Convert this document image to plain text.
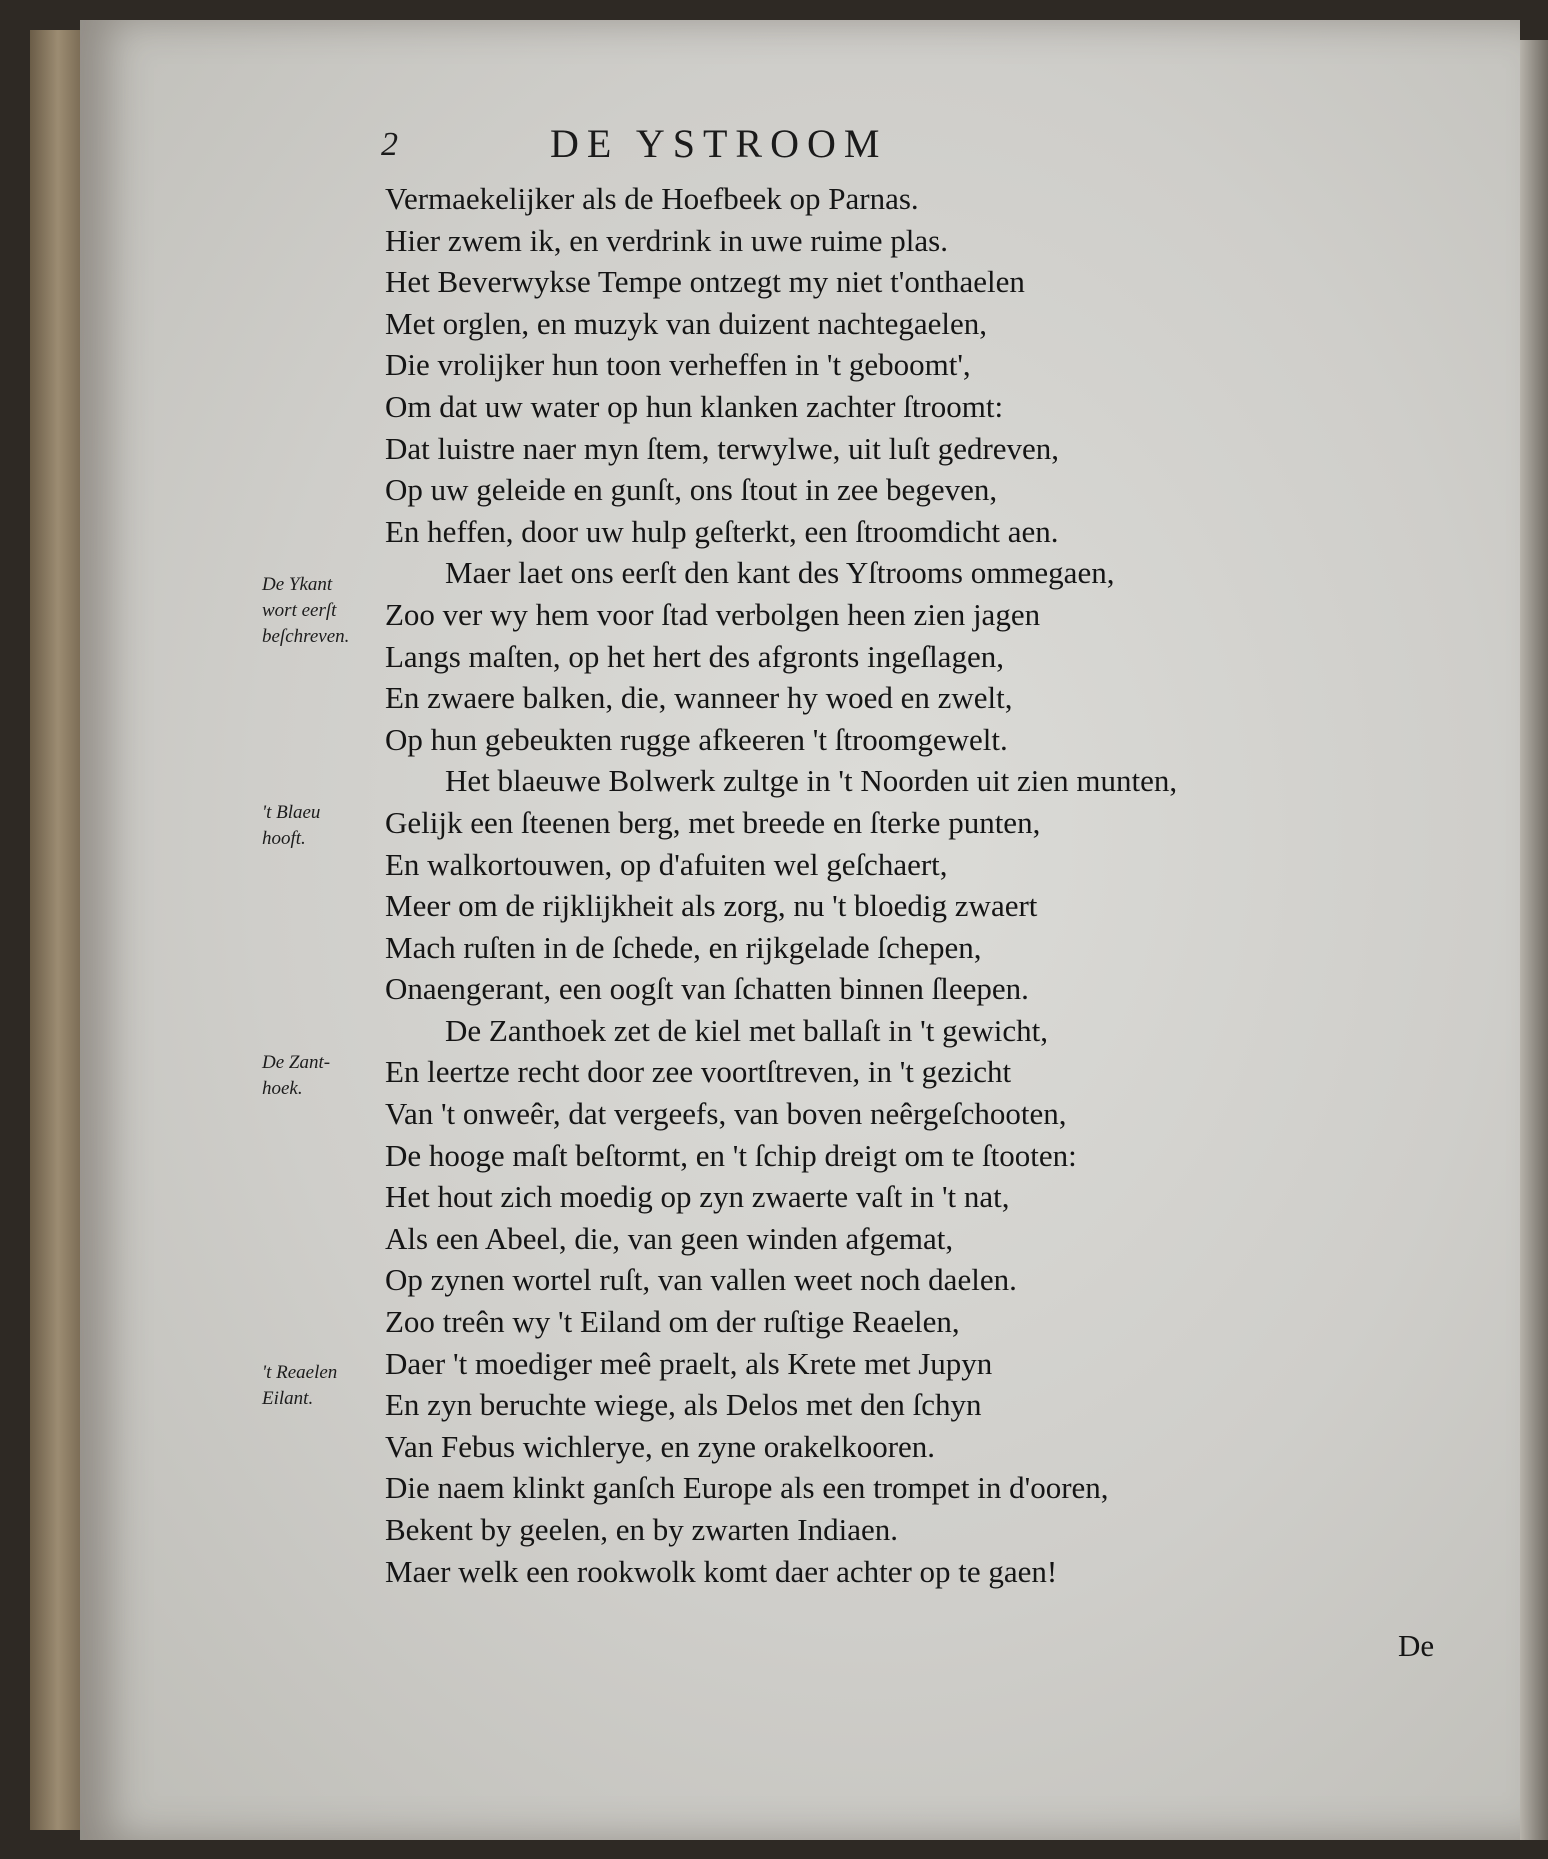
2	DE YSTROOM
Vermaekelijker als de Hoefbeek op Parnas.
Hier zwem ik, en verdrink in uwe ruime plas.
Het Beverwykse Tempe ontzegt my niet t'onthaelen
Met orglen, en muzyk van duizent nachtegaelen,
Die vrolijker hun toon verheffen in 't geboomt',
Om dat uw water op hun klanken zachter ſtroomt:
Dat luistre naer myn ſtem, terwylwe, uit luſt gedreven,
Op uw geleide en gunſt, ons ſtout in zee begeven,
En heffen, door uw hulp geſterkt, een ſtroomdicht aen.
Maer laet ons eerſt den kant des Yſtrooms ommegaen,
Zoo ver wy hem voor ſtad verbolgen heen zien jagen
Langs maſten, op het hert des afgronts ingeſlagen,
En zwaere balken, die, wanneer hy woed en zwelt,
Op hun gebeukten rugge afkeeren 't ſtroomgewelt.
Het blaeuwe Bolwerk zultge in 't Noorden uit zien munten,
Gelijk een ſteenen berg, met breede en ſterke punten,
En walkortouwen, op d'afuiten wel geſchaert,
Meer om de rijklijkheit als zorg, nu 't bloedig zwaert
Mach ruſten in de ſchede, en rijkgelade ſchepen,
Onaengerant, een oogſt van ſchatten binnen ſleepen.
De Zanthoek zet de kiel met ballaſt in 't gewicht,
En leertze recht door zee voortſtreven, in 't gezicht
Van 't onweêr, dat vergeefs, van boven neêrgeſchooten,
De hooge maſt beſtormt, en 't ſchip dreigt om te ſtooten:
Het hout zich moedig op zyn zwaerte vaſt in 't nat,
Als een Abeel, die, van geen winden afgemat,
Op zynen wortel ruſt, van vallen weet noch daelen.
Zoo treên wy 't Eiland om der ruſtige Reaelen,
Daer 't moediger meê praelt, als Krete met Jupyn
En zyn beruchte wiege, als Delos met den ſchyn
Van Febus wichlerye, en zyne orakelkooren.
Die naem klinkt ganſch Europe als een trompet in d'ooren,
Bekent by geelen, en by zwarten Indiaen.
Maer welk een rookwolk komt daer achter op te gaen!
De Ykant
wort eerſt
beſchreven.
't Blaeu
hooft.
De Zant-
hoek.
't Reaelen
Eilant.
De
